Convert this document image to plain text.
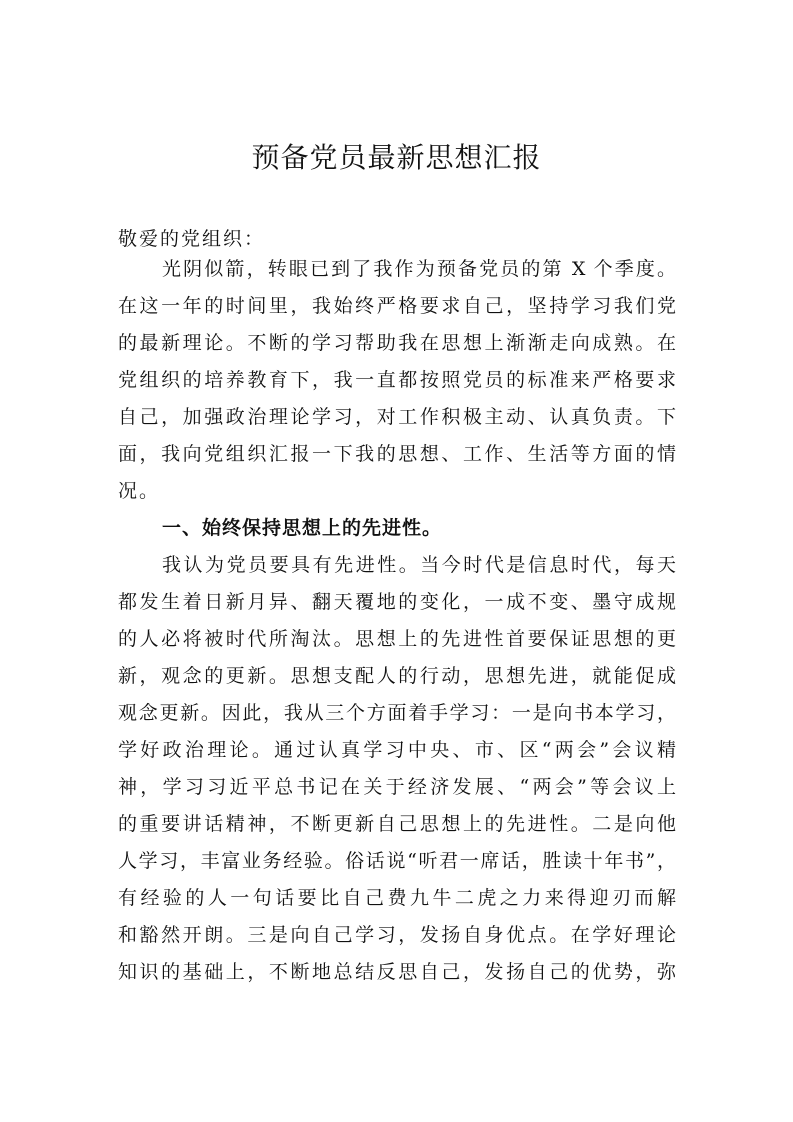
预备党员最新思想汇报
敬爱的党组织：
光阴似箭，转眼已到了我作为预备党员的第 X 个季度。
在这一年的时间里，我始终严格要求自己，坚持学习我们党
的最新理论。不断的学习帮助我在思想上渐渐走向成熟。在
党组织的培养教育下，我一直都按照党员的标准来严格要求
自己，加强政治理论学习，对工作积极主动、认真负责。下
面，我向党组织汇报一下我的思想、工作、生活等方面的情
况。
一、始终保持思想上的先进性。
我认为党员要具有先进性。当今时代是信息时代，每天
都发生着日新月异、翻天覆地的变化，一成不变、墨守成规
的人必将被时代所淘汰。思想上的先进性首要保证思想的更
新，观念的更新。思想支配人的行动，思想先进，就能促成
观念更新。因此，我从三个方面着手学习：一是向书本学习，
学好政治理论。通过认真学习中央、市、区“两会”会议精
神，学习习近平总书记在关于经济发展、“两会”等会议上
的重要讲话精神，不断更新自己思想上的先进性。二是向他
人学习，丰富业务经验。俗话说“听君一席话，胜读十年书”，
有经验的人一句话要比自己费九牛二虎之力来得迎刃而解
和豁然开朗。三是向自己学习，发扬自身优点。在学好理论
知识的基础上，不断地总结反思自己，发扬自己的优势，弥
